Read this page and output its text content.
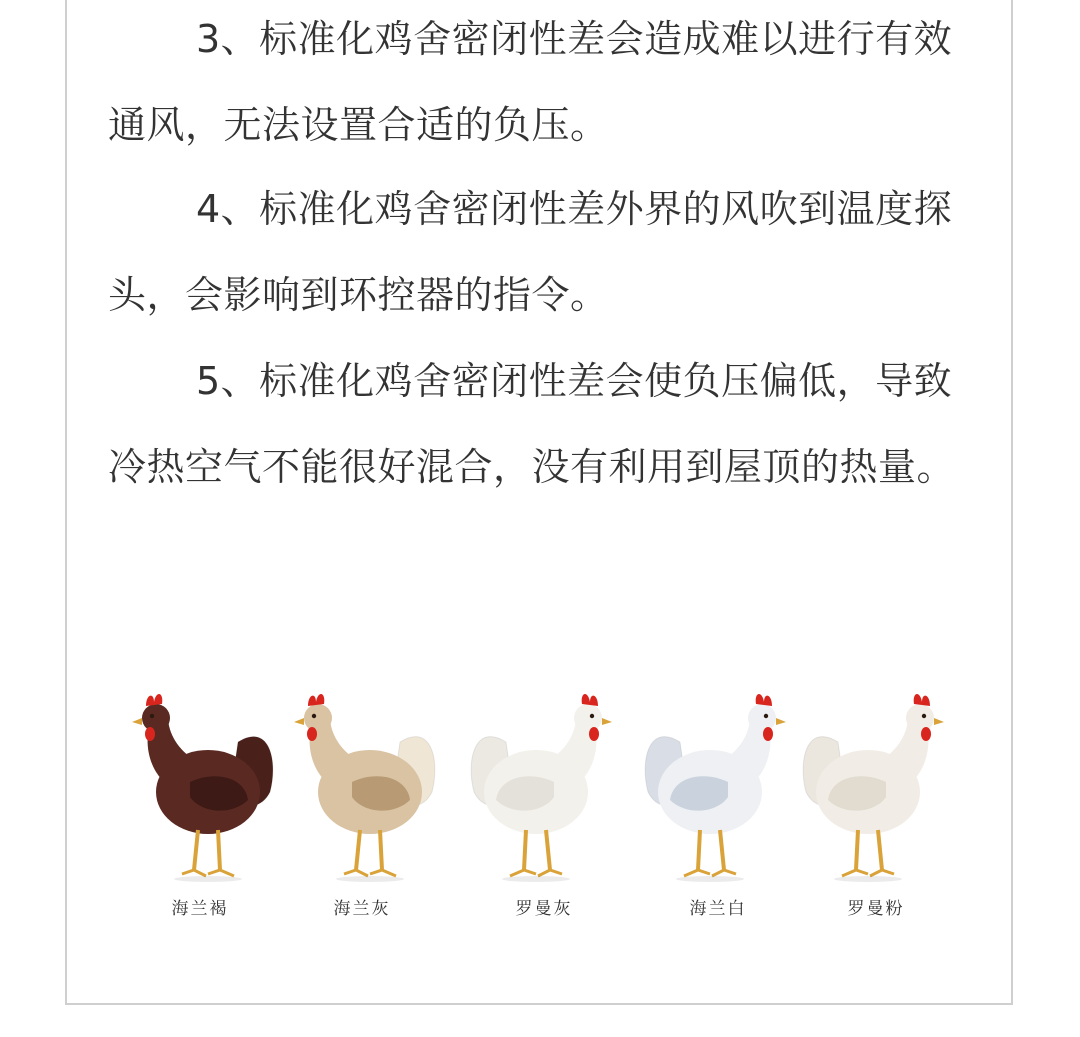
3、标准化鸡舍密闭性差会造成难以进行有效通风，无法设置合适的负压。

4、标准化鸡舍密闭性差外界的风吹到温度探头，会影响到环控器的指令。

5、标准化鸡舍密闭性差会使负压偏低，导致冷热空气不能很好混合，没有利用到屋顶的热量。

海兰褐	海兰灰	罗曼灰	海兰白	罗曼粉
